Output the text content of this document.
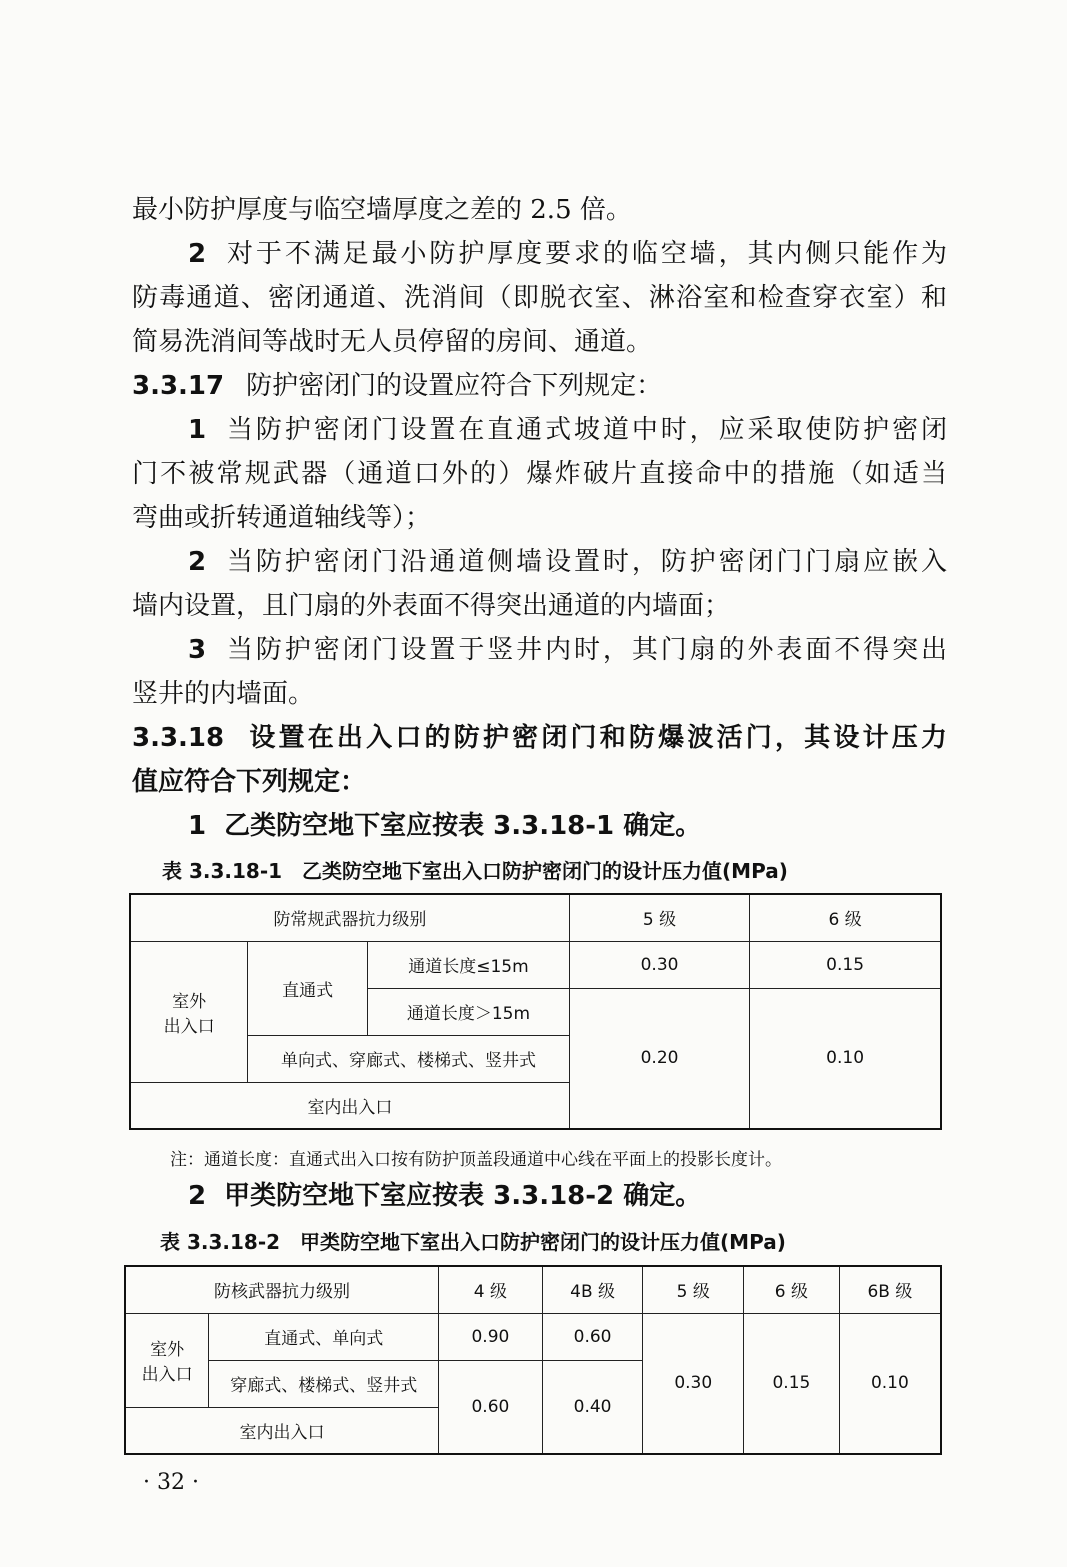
最小防护厚度与临空墙厚度之差的 2.5 倍。
2 对于不满足最小防护厚度要求的临空墙，其内侧只能作为
防毒通道、密闭通道、洗消间（即脱衣室、淋浴室和检查穿衣室）和
简易洗消间等战时无人员停留的房间、通道。
3.3.17 防护密闭门的设置应符合下列规定：
1 当防护密闭门设置在直通式坡道中时，应采取使防护密闭
门不被常规武器（通道口外的）爆炸破片直接命中的措施（如适当
弯曲或折转通道轴线等）；
2 当防护密闭门沿通道侧墙设置时，防护密闭门门扇应嵌入
墙内设置，且门扇的外表面不得突出通道的内墙面；
3 当防护密闭门设置于竖井内时，其门扇的外表面不得突出
竖井的内墙面。
3.3.18 设置在出入口的防护密闭门和防爆波活门，其设计压力
值应符合下列规定：
1 乙类防空地下室应按表 3.3.18-1 确定。
表 3.3.18-1　乙类防空地下室出入口防护密闭门的设计压力值(MPa)
防常规武器抗力级别			5 级	6 级
室外
出入口	直通式	通道长度≤15m	0.30	0.15
		通道长度＞15m	0.20	0.10
	单向式、穿廊式、楼梯式、竖井式			
室内出入口				
注：通道长度：直通式出入口按有防护顶盖段通道中心线在平面上的投影长度计。
2 甲类防空地下室应按表 3.3.18-2 确定。
表 3.3.18-2　甲类防空地下室出入口防护密闭门的设计压力值(MPa)
防核武器抗力级别		4 级	4B 级	5 级	6 级	6B 级
室外
出入口	直通式、单向式	0.90	0.60	0.30	0.15	0.10
	穿廊式、楼梯式、竖井式	0.60	0.40			
室内出入口						
· 32 ·
